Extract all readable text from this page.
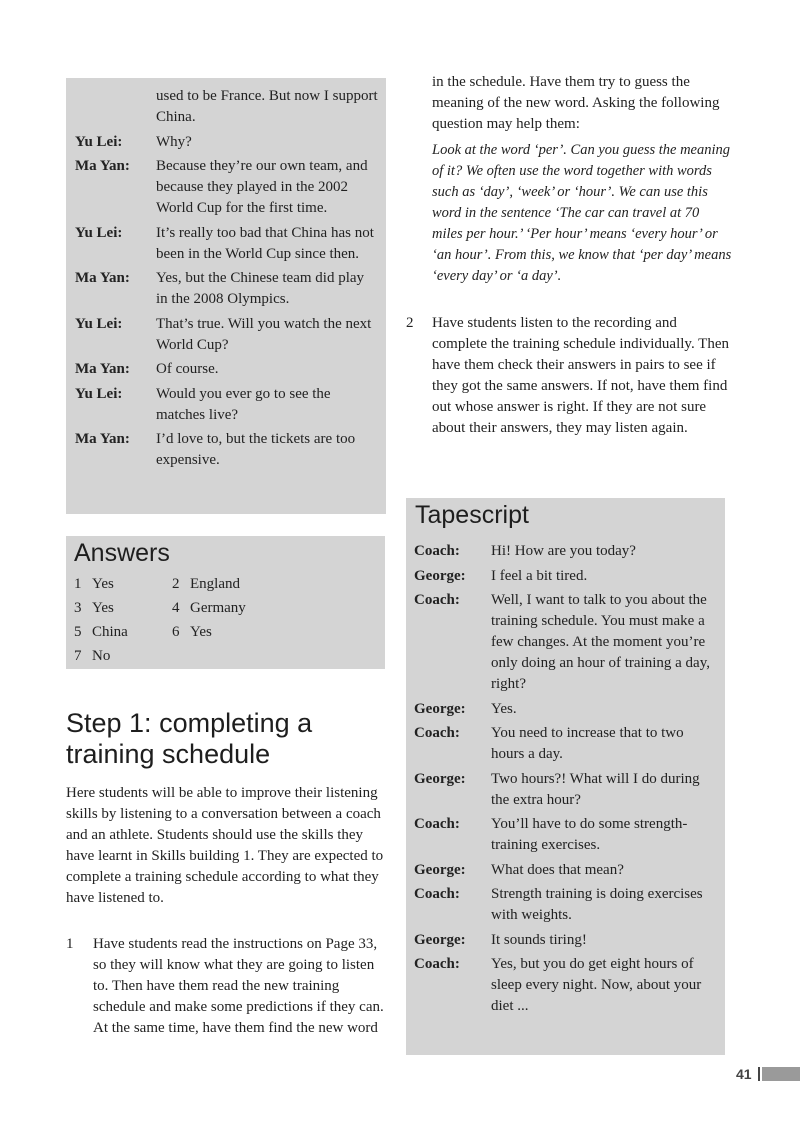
used to be France. But now I support China.
Yu Lei:	Why?
Ma Yan:	Because they’re our own team, and because they played in the 2002 World Cup for the first time.
Yu Lei:	It’s really too bad that China has not been in the World Cup since then.
Ma Yan:	Yes, but the Chinese team did play in the 2008 Olympics.
Yu Lei:	That’s true. Will you watch the next World Cup?
Ma Yan:	Of course.
Yu Lei:	Would you ever go to see the matches live?
Ma Yan:	I’d love to, but the tickets are too expensive.
Answers
1 Yes	2 England
3 Yes	4 Germany
5 China	6 Yes
7 No
Step 1: completing a training schedule

Here students will be able to improve their listening skills by listening to a conversation between a coach and an athlete. Students should use the skills they have learnt in Skills building 1. They are expected to complete a training schedule according to what they have listened to.

1	Have students read the instructions on Page 33, so they will know what they are going to listen to. Then have them read the new training schedule and make some predictions if they can. At the same time, have them find the new word

in the schedule. Have them try to guess the meaning of the new word. Asking the following question may help them:

Look at the word ‘per’. Can you guess the meaning of it? We often use the word together with words such as ‘day’, ‘week’ or ‘hour’. We can use this word in the sentence ‘The car can travel at 70 miles per hour.’ ‘Per hour’ means ‘every hour’ or ‘an hour’. From this, we know that ‘per day’ means ‘every day’ or ‘a day’.

2	Have students listen to the recording and complete the training schedule individually. Then have them check their answers in pairs to see if they got the same answers. If not, have them find out whose answer is right. If they are not sure about their answers, they may listen again.
Tapescript
Coach:	Hi! How are you today?
George:	I feel a bit tired.
Coach:	Well, I want to talk to you about the training schedule. You must make a few changes. At the moment you’re only doing an hour of training a day, right?
George:	Yes.
Coach:	You need to increase that to two hours a day.
George:	Two hours?! What will I do during the extra hour?
Coach:	You’ll have to do some strength-training exercises.
George:	What does that mean?
Coach:	Strength training is doing exercises with weights.
George:	It sounds tiring!
Coach:	Yes, but you do get eight hours of sleep every night. Now, about your diet ...
41
